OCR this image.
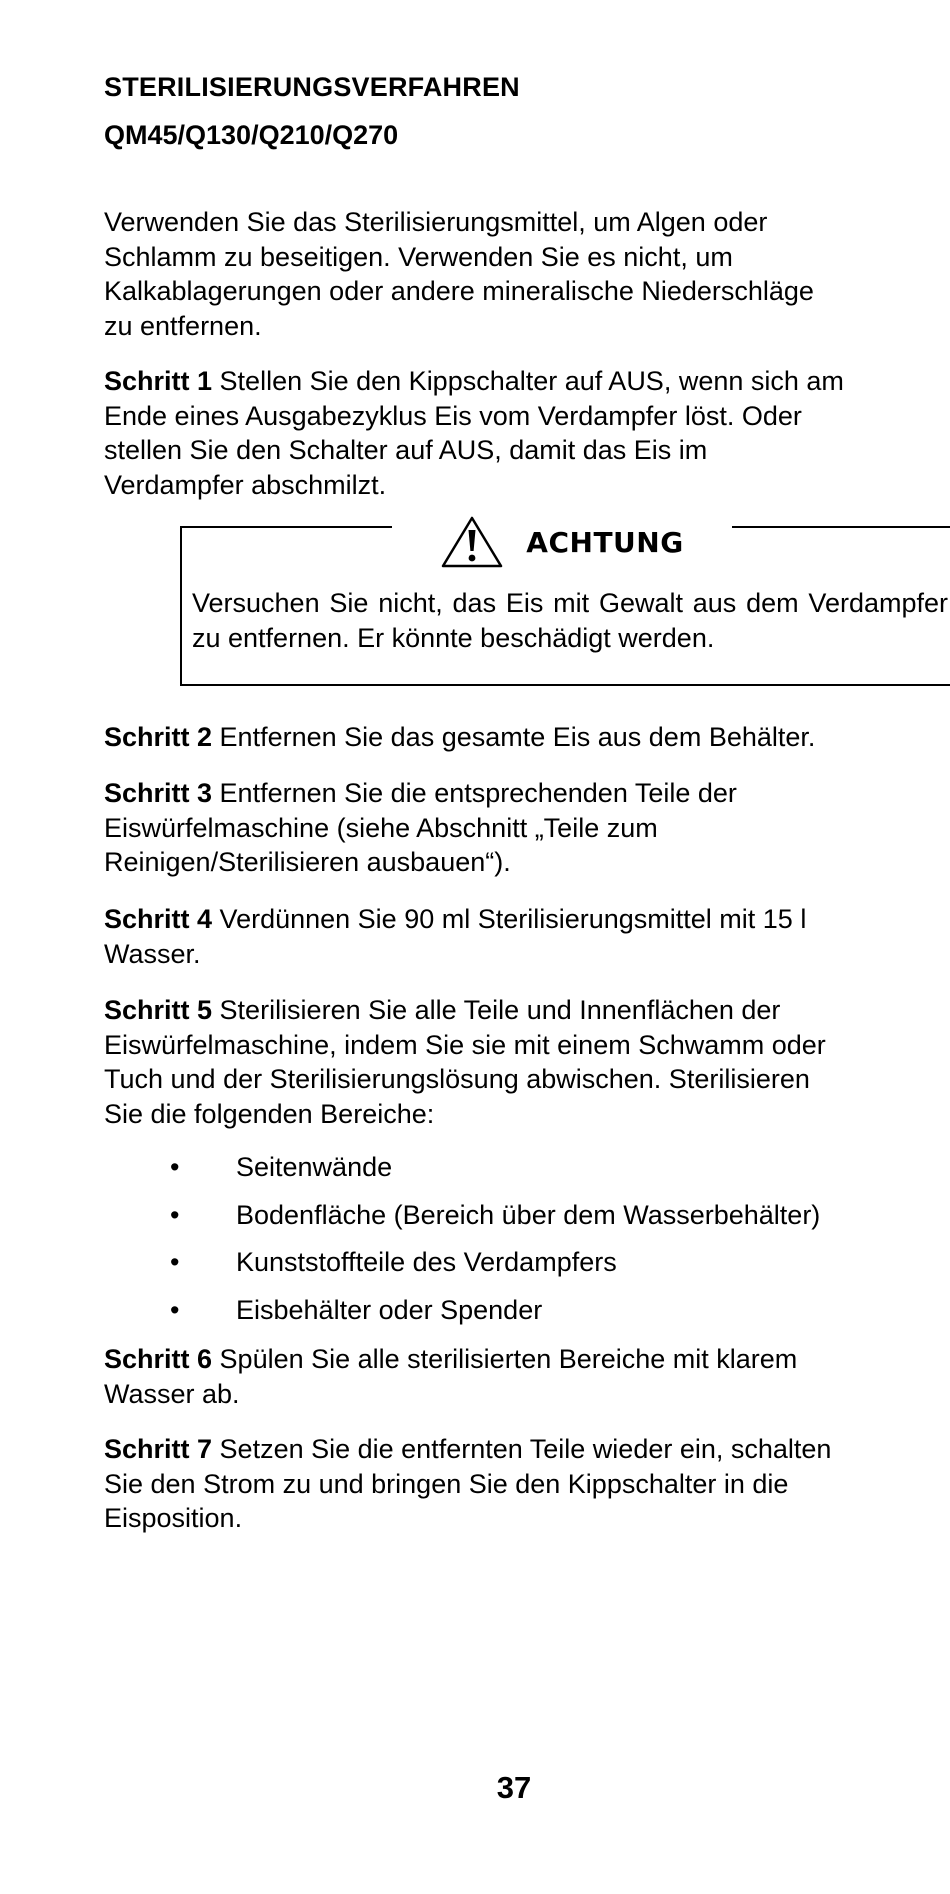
STERILISIERUNGSVERFAHREN
QM45/Q130/Q210/Q270
Verwenden Sie das Sterilisierungsmittel, um Algen oder
Schlamm zu beseitigen. Verwenden Sie es nicht, um
Kalkablagerungen oder andere mineralische Niederschläge
zu entfernen.
Schritt 1 Stellen Sie den Kippschalter auf AUS, wenn sich am
Ende eines Ausgabezyklus Eis vom Verdampfer löst. Oder
stellen Sie den Schalter auf AUS, damit das Eis im
Verdampfer abschmilzt.
ACHTUNG
Versuchen Sie nicht, das Eis mit Gewalt aus dem Verdampfer zu entfernen. Er könnte beschädigt werden.
Schritt 2 Entfernen Sie das gesamte Eis aus dem Behälter.
Schritt 3 Entfernen Sie die entsprechenden Teile der
Eiswürfelmaschine (siehe Abschnitt „Teile zum
Reinigen/Sterilisieren ausbauen“).
Schritt 4 Verdünnen Sie 90 ml Sterilisierungsmittel mit 15 l
Wasser.
Schritt 5 Sterilisieren Sie alle Teile und Innenflächen der
Eiswürfelmaschine, indem Sie sie mit einem Schwamm oder
Tuch und der Sterilisierungslösung abwischen. Sterilisieren
Sie die folgenden Bereiche:
• Seitenwände
• Bodenfläche (Bereich über dem Wasserbehälter)
• Kunststoffteile des Verdampfers
• Eisbehälter oder Spender
Schritt 6 Spülen Sie alle sterilisierten Bereiche mit klarem
Wasser ab.
Schritt 7 Setzen Sie die entfernten Teile wieder ein, schalten
Sie den Strom zu und bringen Sie den Kippschalter in die
Eisposition.
37
